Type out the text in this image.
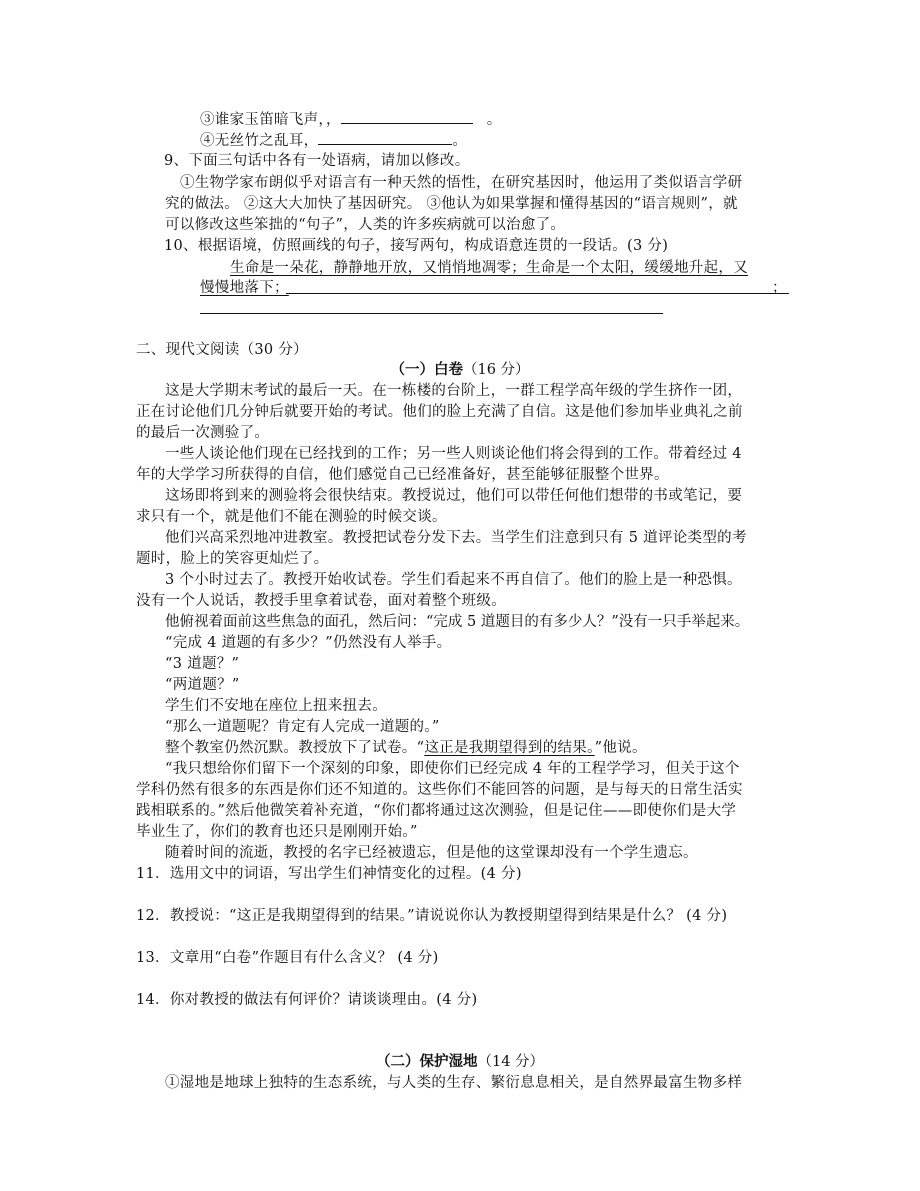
③谁家玉笛暗飞声，，	。
④无丝竹之乱耳，	。
9、下面三句话中各有一处语病，请加以修改。
①生物学家布朗似乎对语言有一种天然的悟性，在研究基因时，他运用了类似语言学研
究的做法。 ②这大大加快了基因研究。 ③他认为如果掌握和懂得基因的“语言规则”，就
可以修改这些笨拙的“句子”，人类的许多疾病就可以治愈了。
10、根据语境，仿照画线的句子，接写两句，构成语意连贯的一段话。(3 分)
生命是一朵花，静静地开放，又悄悄地凋零；生命是一个太阳，缓缓地升起，又
慢慢地落下；	；
二、现代文阅读（30 分）
（一）白卷（16 分）
这是大学期末考试的最后一天。在一栋楼的台阶上，一群工程学高年级的学生挤作一团，
正在讨论他们几分钟后就要开始的考试。他们的脸上充满了自信。这是他们参加毕业典礼之前
的最后一次测验了。
一些人谈论他们现在已经找到的工作；另一些人则谈论他们将会得到的工作。带着经过 4
年的大学学习所获得的自信，他们感觉自己已经准备好，甚至能够征服整个世界。
这场即将到来的测验将会很快结束。教授说过，他们可以带任何他们想带的书或笔记，要
求只有一个，就是他们不能在测验的时候交谈。
他们兴高采烈地冲进教室。教授把试卷分发下去。当学生们注意到只有 5 道评论类型的考
题时，脸上的笑容更灿烂了。
3 个小时过去了。教授开始收试卷。学生们看起来不再自信了。他们的脸上是一种恐惧。
没有一个人说话，教授手里拿着试卷，面对着整个班级。
他俯视着面前这些焦急的面孔，然后问：“完成 5 道题目的有多少人？”没有一只手举起来。
“完成 4 道题的有多少？”仍然没有人举手。
“3 道题？”
“两道题？”
学生们不安地在座位上扭来扭去。
“那么一道题呢？肯定有人完成一道题的。”
整个教室仍然沉默。教授放下了试卷。“这正是我期望得到的结果。”他说。
“我只想给你们留下一个深刻的印象，即使你们已经完成 4 年的工程学学习，但关于这个
学科仍然有很多的东西是你们还不知道的。这些你们不能回答的问题，是与每天的日常生活实
践相联系的。”然后他微笑着补充道，“你们都将通过这次测验，但是记住——即使你们是大学
毕业生了，你们的教育也还只是刚刚开始。”
随着时间的流逝，教授的名字已经被遗忘，但是他的这堂课却没有一个学生遗忘。
11．选用文中的词语，写出学生们神情变化的过程。(4 分)
12．教授说：“这正是我期望得到的结果。”请说说你认为教授期望得到结果是什么？ (4 分)
13．文章用“白卷”作题目有什么含义？ (4 分)
14．你对教授的做法有何评价？请谈谈理由。(4 分)
（二）保护湿地（14 分）
①湿地是地球上独特的生态系统，与人类的生存、繁衍息息相关，是自然界最富生物多样
